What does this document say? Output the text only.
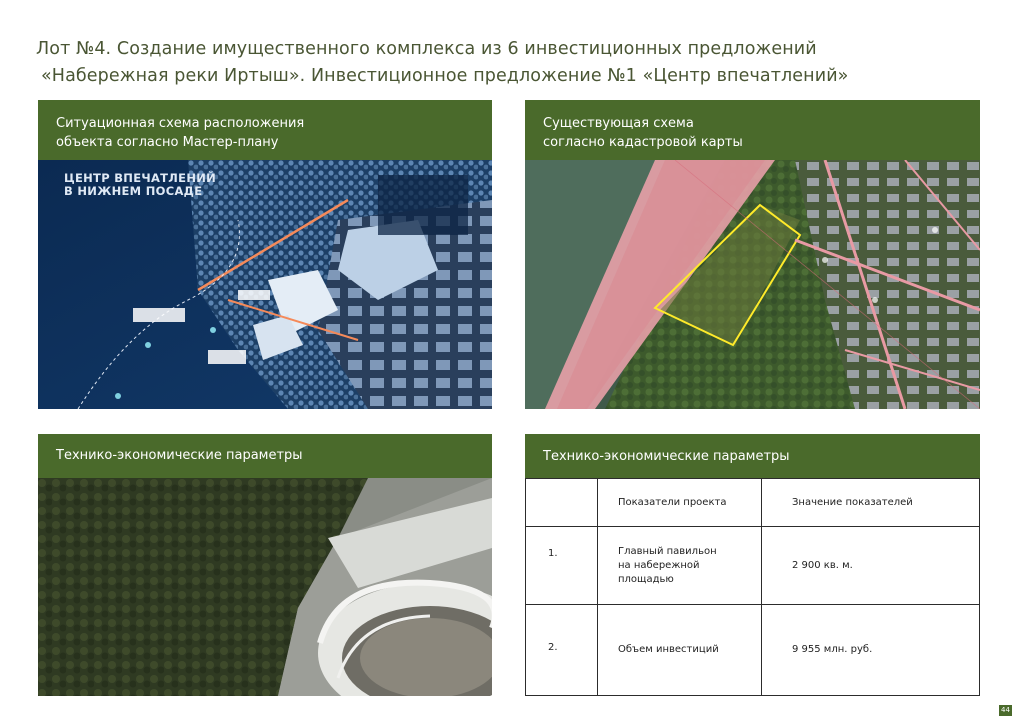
Лот №4. Создание имущественного комплекса из 6 инвестиционных предложений
«Набережная реки Иртыш». Инвестиционное предложение №1 «Центр впечатлений»
Ситуационная схема расположения
объекта согласно Мастер-плану
ЦЕНТР ВПЕЧАТЛЕНИЙ
В НИЖНЕМ ПОСАДЕ
Существующая схема
согласно кадастровой карты
Технико-экономические параметры	Технико-экономические параметры
	Показатели проекта	Значение показателей
1.	Главный павильон
на набережной
площадью	2 900 кв. м.
2.	Объем инвестиций	9 955 млн. руб.
44
